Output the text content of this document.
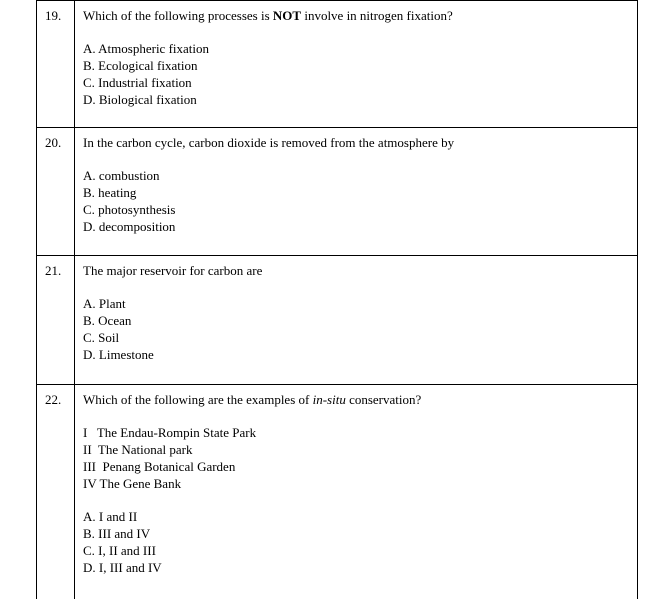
19.	Which of the following processes is NOT involve in nitrogen fixation?
A. Atmospheric fixation
B. Ecological fixation
C. Industrial fixation
D. Biological fixation
20.	In the carbon cycle, carbon dioxide is removed from the atmosphere by
A. combustion
B. heating
C. photosynthesis
D. decomposition
21.	The major reservoir for carbon are
A. Plant
B. Ocean
C. Soil
D. Limestone
22.	Which of the following are the examples of in-situ conservation?
I   The Endau-Rompin State Park
II  The National park
III  Penang Botanical Garden
IV The Gene Bank
A. I and II
B. III and IV
C. I, II and III
D. I, III and IV
